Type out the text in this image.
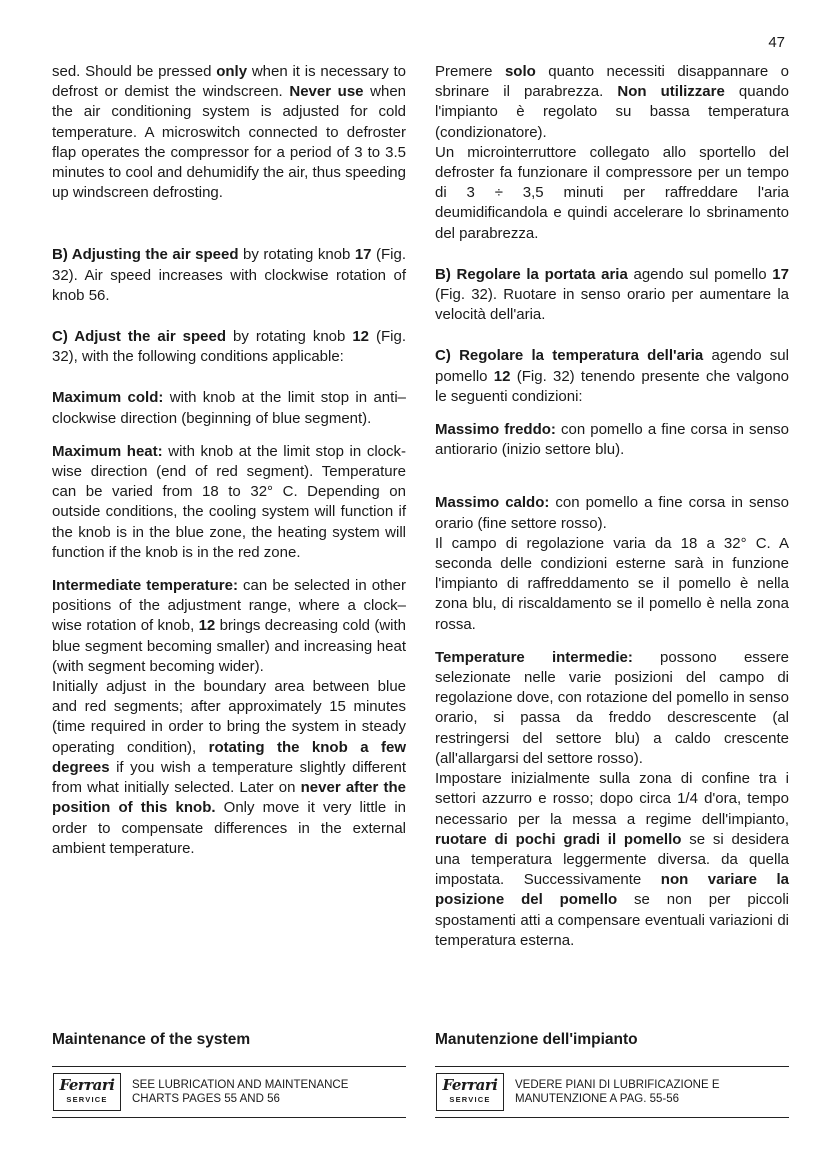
47

sed. Should be pressed only when it is necessary to defrost or demist the windscreen. Never use when the air conditioning system is adjusted for cold temperature. A microswitch connected to defroster flap operates the compressor for a period of 3 to 3.5 minutes to cool and dehumidify the air, thus speeding up windscreen defrosting.

B) Adjusting the air speed by rotating knob 17 (Fig. 32). Air speed increases with clockwise rotation of knob 56.

C) Adjust the air speed by rotating knob 12 (Fig. 32), with the following conditions applicable:

Maximum cold: with knob at the limit stop in anti–clockwise direction (beginning of blue segment).

Maximum heat: with knob at the limit stop in clock-wise direction (end of red segment). Temperature can be varied from 18 to 32° C. Depending on outside conditions, the cooling system will function if the knob is in the blue zone, the heating system will function if the knob is in the red zone.

Intermediate temperature: can be selected in other positions of the adjustment range, where a clock–wise rotation of knob, 12 brings decreasing cold (with blue segment becoming smaller) and increasing heat (with segment becoming wider).

Initially adjust in the boundary area between blue and red segments; after approximately 15 minutes (time required in order to bring the system in steady operating condition), rotating the knob a few degrees if you wish a temperature slightly different from what initially selected. Later on never after the position of this knob. Only move it very little in order to compensate differences in the external ambient temperature.

Premere solo quanto necessiti disappannare o sbrinare il parabrezza. Non utilizzare quando l'impianto è regolato su bassa temperatura (condizionatore).

Un microinterruttore collegato allo sportello del defroster fa funzionare il compressore per un tempo di 3 ÷ 3,5 minuti per raffreddare l'aria deumidificandola e quindi accelerare lo sbrinamento del parabrezza.

B) Regolare la portata aria agendo sul pomello 17 (Fig. 32). Ruotare in senso orario per aumentare la velocità dell'aria.

C) Regolare la temperatura dell'aria agendo sul pomello 12 (Fig. 32) tenendo presente che valgono le seguenti condizioni:

Massimo freddo: con pomello a fine corsa in senso antiorario (inizio settore blu).

Massimo caldo: con pomello a fine corsa in senso orario (fine settore rosso).

Il campo di regolazione varia da 18 a 32° C. A seconda delle condizioni esterne sarà in funzione l'impianto di raffreddamento se il pomello è nella zona blu, di riscaldamento se il pomello è nella zona rossa.

Temperature intermedie: possono essere selezionate nelle varie posizioni del campo di regolazione dove, con rotazione del pomello in senso orario, si passa da freddo descrescente (al restringersi del settore blu) a caldo crescente (all'allargarsi del settore rosso).

Impostare inizialmente sulla zona di confine tra i settori azzurro e rosso; dopo circa 1/4 d'ora, tempo necessario per la messa a regime dell'impianto, ruotare di pochi gradi il pomello se si desidera una temperatura leggermente diversa. da quella impostata. Successivamente non variare la posizione del pomello se non per piccoli spostamenti atti a compensare eventuali variazioni di temperatura esterna.

Maintenance of the system	Manutenzione dell'impianto
Ferrari
SERVICE
SEE LUBRICATION AND MAINTENANCE
CHARTS PAGES 55 AND 56
Ferrari
SERVICE
VEDERE PIANI DI LUBRIFICAZIONE E
MANUTENZIONE A PAG. 55-56
